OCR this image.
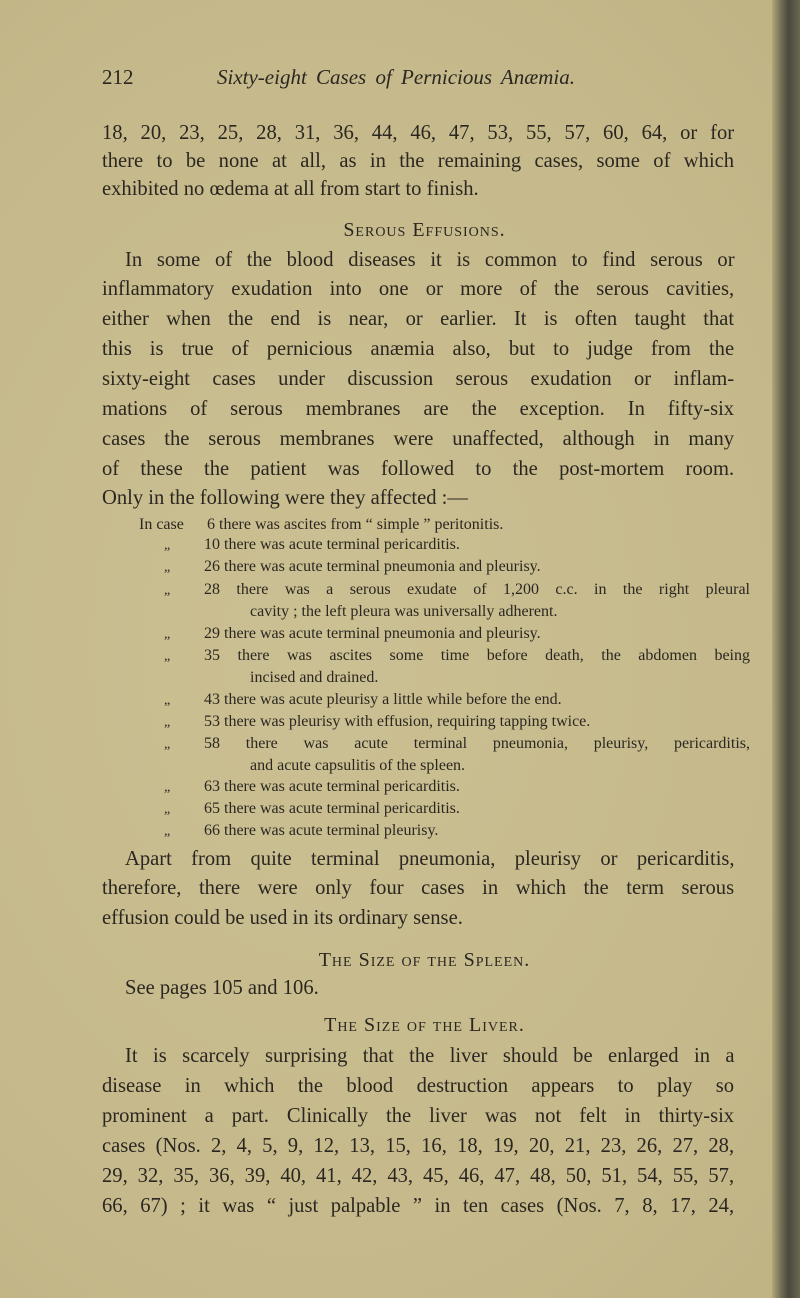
212	Sixty-eight Cases of Pernicious Anæmia.
18, 20, 23, 25, 28, 31, 36, 44, 46, 47, 53, 55, 57, 60, 64, or for
there to be none at all, as in the remaining cases, some of which
exhibited no œdema at all from start to finish.
Serous Effusions.
In some of the blood diseases it is common to find serous or
inflammatory exudation into one or more of the serous cavities,
either when the end is near, or earlier. It is often taught that
this is true of pernicious anæmia also, but to judge from the
sixty-eight cases under discussion serous exudation or inflam-
mations of serous membranes are the exception. In fifty-six
cases the serous membranes were unaffected, although in many
of these the patient was followed to the post-mortem room.
Only in the following were they affected :—
In case 6 there was ascites from “ simple ” peritonitis.
„ 10 there was acute terminal pericarditis.
„ 26 there was acute terminal pneumonia and pleurisy.
„ 28 there was a serous exudate of 1,200 c.c. in the right pleural
cavity ; the left pleura was universally adherent.
„ 29 there was acute terminal pneumonia and pleurisy.
„ 35 there was ascites some time before death, the abdomen being
incised and drained.
„ 43 there was acute pleurisy a little while before the end.
„ 53 there was pleurisy with effusion, requiring tapping twice.
„ 58 there was acute terminal pneumonia, pleurisy, pericarditis,
and acute capsulitis of the spleen.
„ 63 there was acute terminal pericarditis.
„ 65 there was acute terminal pericarditis.
„ 66 there was acute terminal pleurisy.
Apart from quite terminal pneumonia, pleurisy or pericarditis,
therefore, there were only four cases in which the term serous
effusion could be used in its ordinary sense.
The Size of the Spleen.
See pages 105 and 106.
The Size of the Liver.
It is scarcely surprising that the liver should be enlarged in a
disease in which the blood destruction appears to play so
prominent a part. Clinically the liver was not felt in thirty-six
cases (Nos. 2, 4, 5, 9, 12, 13, 15, 16, 18, 19, 20, 21, 23, 26, 27, 28,
29, 32, 35, 36, 39, 40, 41, 42, 43, 45, 46, 47, 48, 50, 51, 54, 55, 57,
66, 67) ; it was “ just palpable ” in ten cases (Nos. 7, 8, 17, 24,
